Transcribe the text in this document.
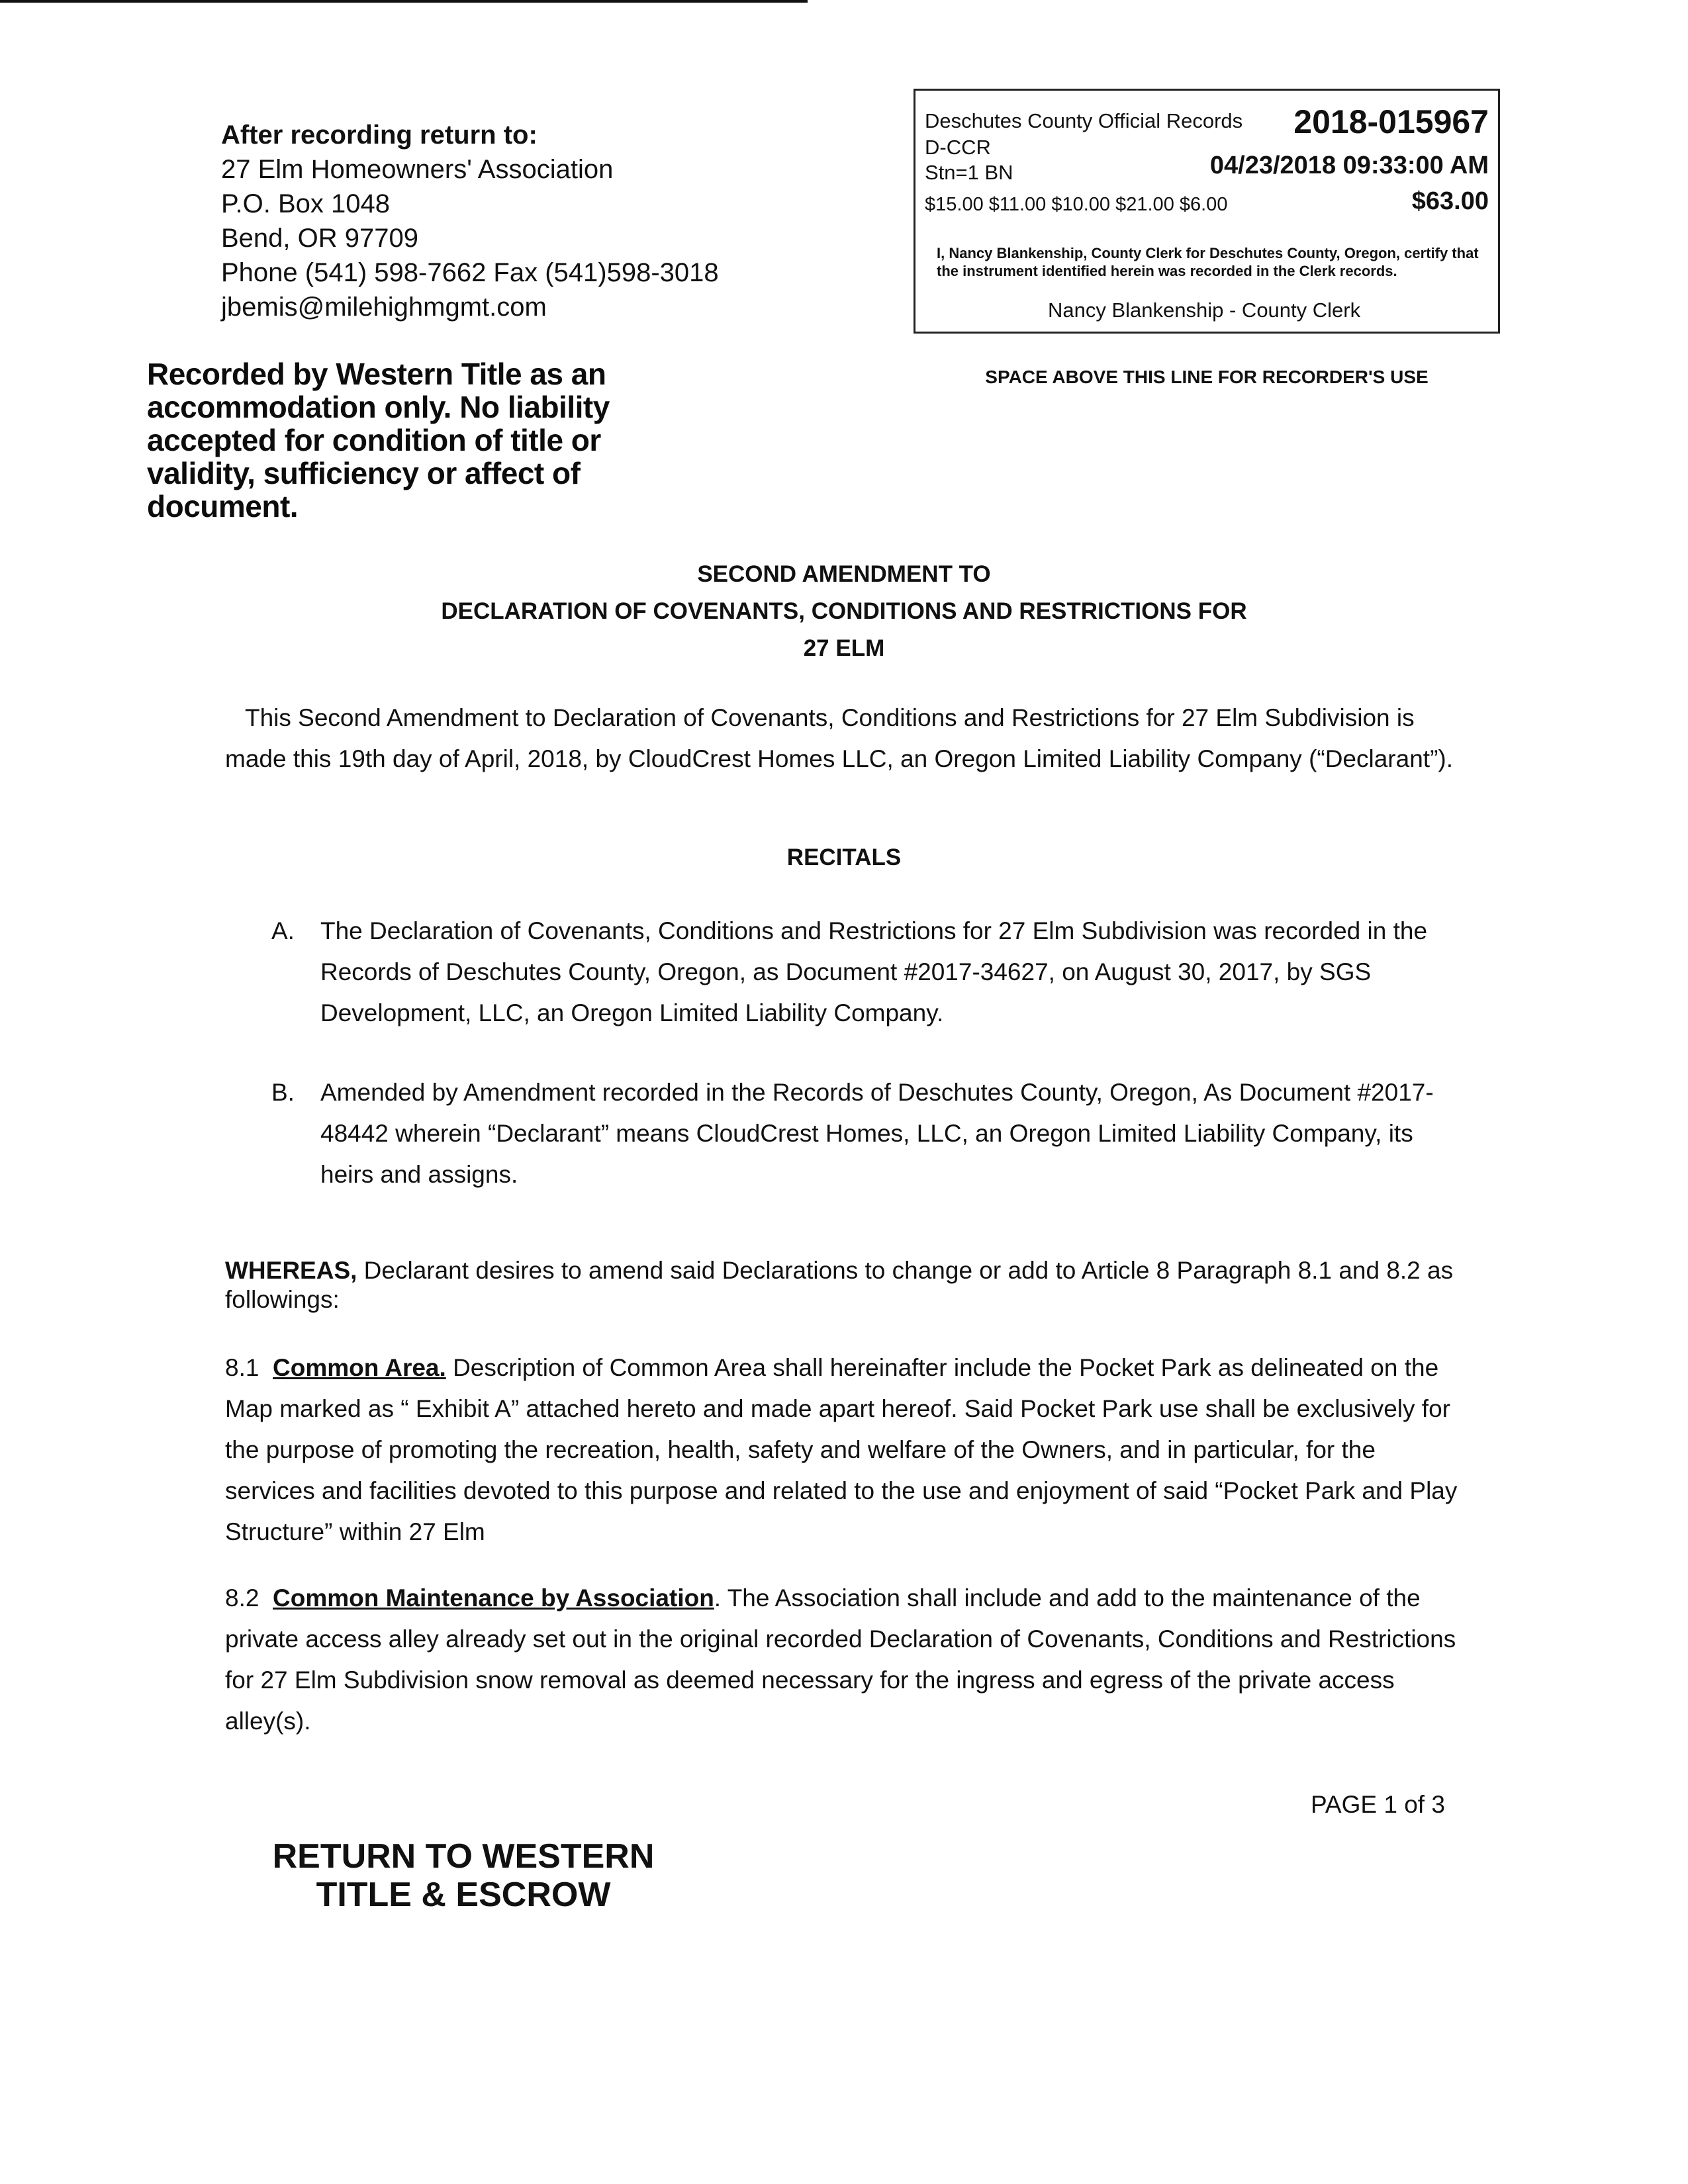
After recording return to:
27 Elm Homeowners' Association
P.O. Box 1048
Bend, OR 97709
Phone (541) 598-7662 Fax (541)598-3018
jbemis@milehighmgmt.com
Deschutes County Official Records 2018-015967
D-CCR
Stn=1 BN	04/23/2018 09:33:00 AM
$15.00 $11.00 $10.00 $21.00 $6.00	$63.00
I, Nancy Blankenship, County Clerk for Deschutes County, Oregon, certify that the instrument identified herein was recorded in the Clerk records.
Nancy Blankenship - County Clerk
Recorded by Western Title as an accommodation only. No liability accepted for condition of title or validity, sufficiency or affect of document.
SPACE ABOVE THIS LINE FOR RECORDER'S USE
SECOND AMENDMENT TO
DECLARATION OF COVENANTS, CONDITIONS AND RESTRICTIONS FOR
27 ELM
This Second Amendment to Declaration of Covenants, Conditions and Restrictions for 27 Elm Subdivision is made this 19th day of April, 2018, by CloudCrest Homes LLC, an Oregon Limited Liability Company (“Declarant”).
RECITALS
A. The Declaration of Covenants, Conditions and Restrictions for 27 Elm Subdivision was recorded in the Records of Deschutes County, Oregon, as Document #2017-34627, on August 30, 2017, by SGS Development, LLC, an Oregon Limited Liability Company.
B. Amended by Amendment recorded in the Records of Deschutes County, Oregon, As Document #2017-48442 wherein “Declarant” means CloudCrest Homes, LLC, an Oregon Limited Liability Company, its heirs and assigns.
WHEREAS, Declarant desires to amend said Declarations to change or add to Article 8 Paragraph 8.1 and 8.2 as followings:
8.1 Common Area. Description of Common Area shall hereinafter include the Pocket Park as delineated on the Map marked as “ Exhibit A” attached hereto and made apart hereof. Said Pocket Park use shall be exclusively for the purpose of promoting the recreation, health, safety and welfare of the Owners, and in particular, for the services and facilities devoted to this purpose and related to the use and enjoyment of said “Pocket Park and Play Structure” within 27 Elm
8.2 Common Maintenance by Association. The Association shall include and add to the maintenance of the private access alley already set out in the original recorded Declaration of Covenants, Conditions and Restrictions for 27 Elm Subdivision snow removal as deemed necessary for the ingress and egress of the private access alley(s).
PAGE 1 of 3
RETURN TO WESTERN
TITLE & ESCROW
